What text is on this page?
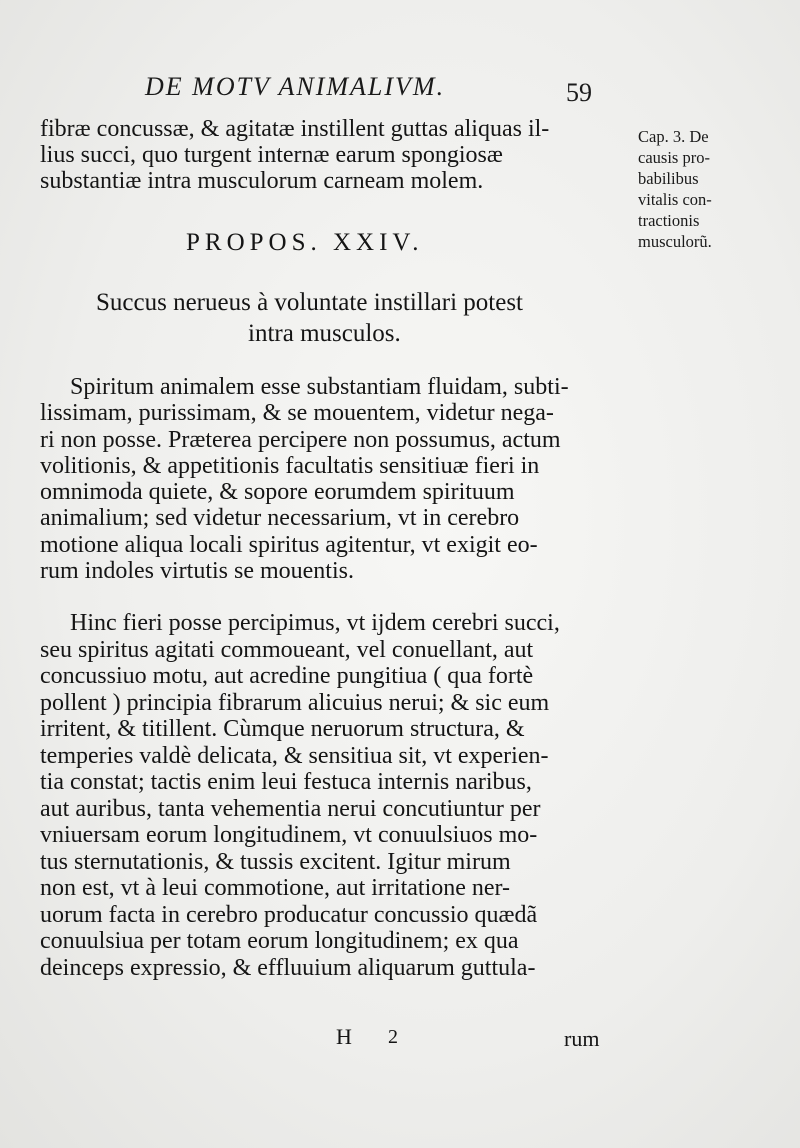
DE MOTV ANIMALIVM.	59

Cap. 3. De
causis pro-
babilibus
vitalis con-
tractionis
musculorũ.

fibræ concussæ, & agitatæ instillent guttas aliquas il-
lius succi, quo turgent internæ earum spongiosæ
substantiæ intra musculorum carneam molem.

PROPOS. XXIV.

Succus nerueus à voluntate instillari potest
intra musculos.

Spiritum animalem esse substantiam fluidam, subti-
lissimam, purissimam, & se mouentem, videtur nega-
ri non posse. Præterea percipere non possumus, actum
volitionis, & appetitionis facultatis sensitiuæ fieri in
omnimoda quiete, & sopore eorumdem spirituum
animalium; sed videtur necessarium, vt in cerebro
motione aliqua locali spiritus agitentur, vt exigit eo-
rum indoles virtutis se mouentis.

Hinc fieri posse percipimus, vt ijdem cerebri succi,
seu spiritus agitati commoueant, vel conuellant, aut
concussiuo motu, aut acredine pungitiua ( qua fortè
pollent ) principia fibrarum alicuius nerui; & sic eum
irritent, & titillent. Cùmque neruorum structura, &
temperies valdè delicata, & sensitiua sit, vt experien-
tia constat; tactis enim leui festuca internis naribus,
aut auribus, tanta vehementia nerui concutiuntur per
vniuersam eorum longitudinem, vt conuulsiuos mo-
tus sternutationis, & tussis excitent. Igitur mirum
non est, vt à leui commotione, aut irritatione ner-
uorum facta in cerebro producatur concussio quædã
conuulsiua per totam eorum longitudinem; ex qua
deinceps expressio, & effluuium aliquarum guttula-

H 2	rum
